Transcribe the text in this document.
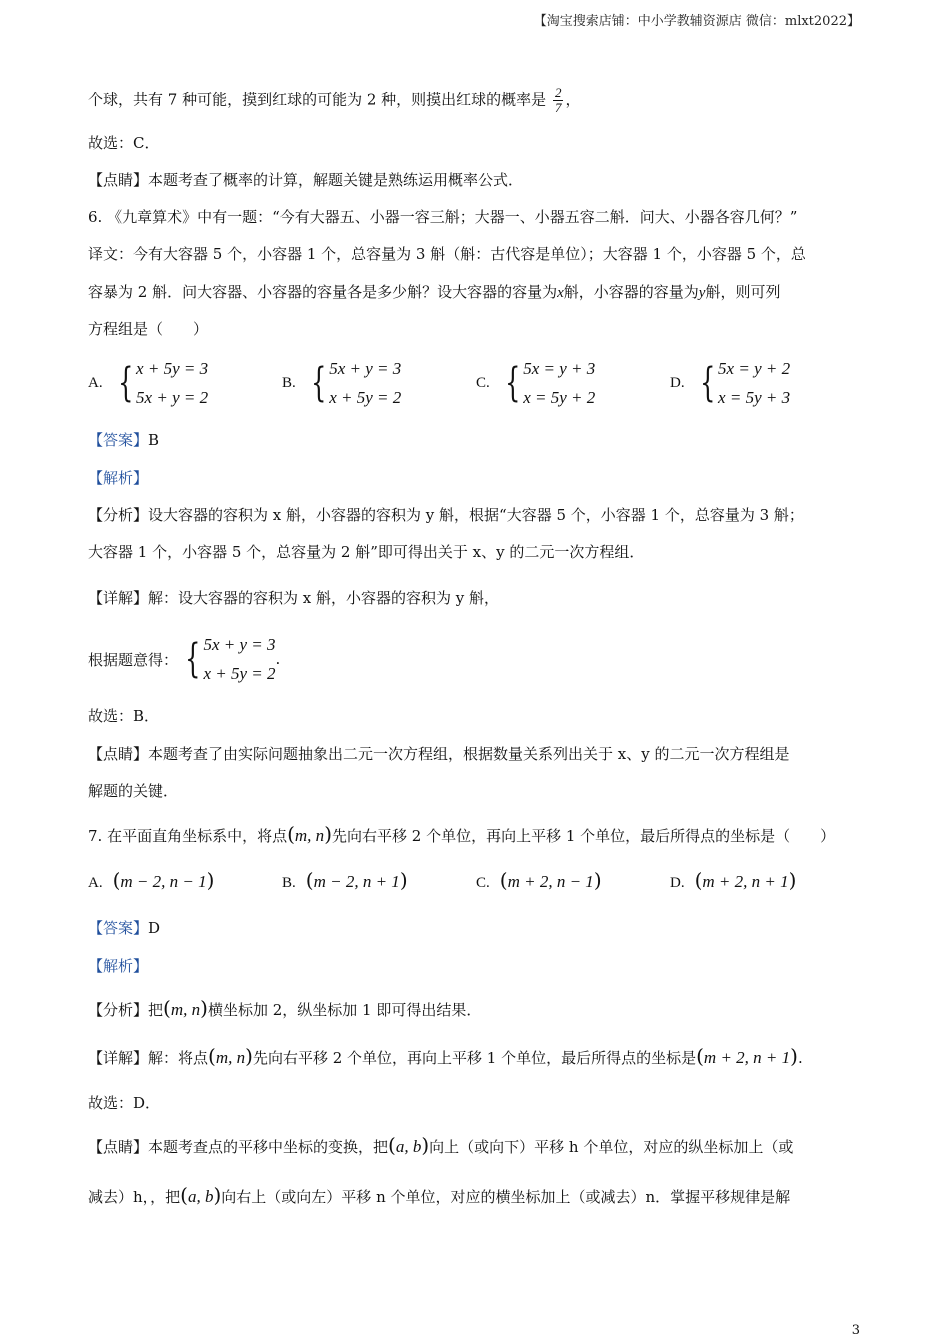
【淘宝搜索店铺：中小学教辅资源店 微信：mlxt2022】
个球，共有 7 种可能，摸到红球的可能为 2 种，则摸出红球的概率是 $\frac{2}{7}$ ，
故选：C．
【点睛】本题考查了概率的计算，解题关键是熟练运用概率公式．
6. 《九章算术》中有一题：“今有大器五、小器一容三斛；大器一、小器五容二斛．问大、小器各容几何？”
译文：今有大容器 5 个，小容器 1 个，总容量为 3 斛（斛：古代容是单位）；大容器 1 个，小容器 5 个，总
容暴为 2 斛．问大容器、小容器的容量各是多少斛？设大容器的容量为x斛，小容器的容量为y斛，则可列
方程组是（　　）
A. { x + 5y = 3
5x + y = 2
B. { 5x + y = 3
x + 5y = 2
C. { 5x = y + 3
x = 5y + 2
D. { 5x = y + 2
x = 5y + 3
【答案】B
【解析】
【分析】设大容器的容积为 x 斛，小容器的容积为 y 斛，根据“大容器 5 个，小容器 1 个，总容量为 3 斛；
大容器 1 个，小容器 5 个，总容量为 2 斛”即可得出关于 x、y 的二元一次方程组．
【详解】解：设大容器的容积为 x 斛，小容器的容积为 y 斛，
根据题意得： { 5x + y = 3
x + 5y = 2
.
故选：B．
【点睛】本题考查了由实际问题抽象出二元一次方程组，根据数量关系列出关于 x、y 的二元一次方程组是
解题的关键．
7. 在平面直角坐标系中，将点(m, n)先向右平移 2 个单位，再向上平移 1 个单位，最后所得点的坐标是（　　）
A. (m − 2, n − 1)	B. (m − 2, n + 1)	C. (m + 2, n − 1)	D. (m + 2, n + 1)
【答案】D
【解析】
【分析】把(m, n)横坐标加 2，纵坐标加 1 即可得出结果．
【详解】解：将点(m, n)先向右平移 2 个单位，再向上平移 1 个单位，最后所得点的坐标是(m + 2, n + 1).
故选：D．
【点睛】本题考查点的平移中坐标的变换，把(a, b)向上（或向下）平移 h 个单位，对应的纵坐标加上（或
减去）h，，把(a, b)向右上（或向左）平移 n 个单位，对应的横坐标加上（或减去）n．掌握平移规律是解
3
